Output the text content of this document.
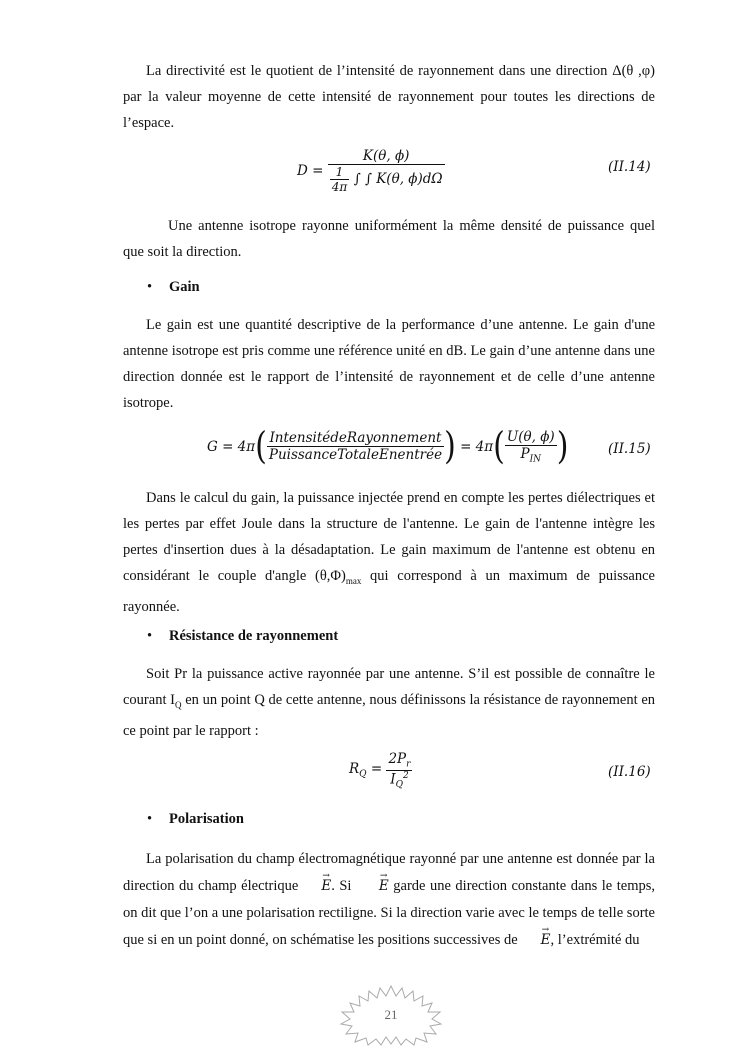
La directivité est le quotient de l’intensité de rayonnement dans une direction Δ(θ ,φ) par la valeur moyenne de cette intensité de rayonnement pour toutes les directions de l’espace.

$D = \frac{K(\theta, \phi)}{\frac{1}{4\pi} \int \int K(\theta, \phi)d\Omega}$	(II.14)

Une antenne isotrope rayonne uniformément la même densité de puissance quel que soit la direction.

• Gain

Le gain est une quantité descriptive de la performance d’une antenne. Le gain d'une antenne isotrope est pris comme une référence unité en dB. Le gain d’une antenne dans une direction donnée est le rapport de l’intensité de rayonnement et de celle d’une antenne isotrope.

$G = 4\pi( \frac{\text{IntensitédeRayonnement}}{\text{PuissanceTotaleEnentrée}}$ ) = $4\pi( \frac{U(\theta, \phi)}{P_{IN}}$ )	(II.15)

Dans le calcul du gain, la puissance injectée prend en compte les pertes diélectriques et les pertes par effet Joule dans la structure de l'antenne. Le gain de l'antenne intègre les pertes d'insertion dues à la désadaptation. Le gain maximum de l'antenne est obtenu en considérant le couple d'angle $(\theta,\Phi)_{max}$ qui correspond à un maximum de puissance rayonnée.

• Résistance de rayonnement

Soit Pr la puissance active rayonnée par une antenne. S’il est possible de connaître le courant $I_Q$ en un point Q de cette antenne, nous définissons la résistance de rayonnement en ce point par le rapport :

$R_Q = \frac{2P_r}{I_Q^2}$	(II.16)
• Polarisation

La polarisation du champ électromagnétique rayonné par une antenne est donnée par la direction du champ électrique → E. Si → E garde une direction constante dans le temps, on dit que l’on a une polarisation rectiligne. Si la direction varie avec le temps de telle sorte que si en un point donné, on schématise les positions successives de → E, l’extrémité du

21
